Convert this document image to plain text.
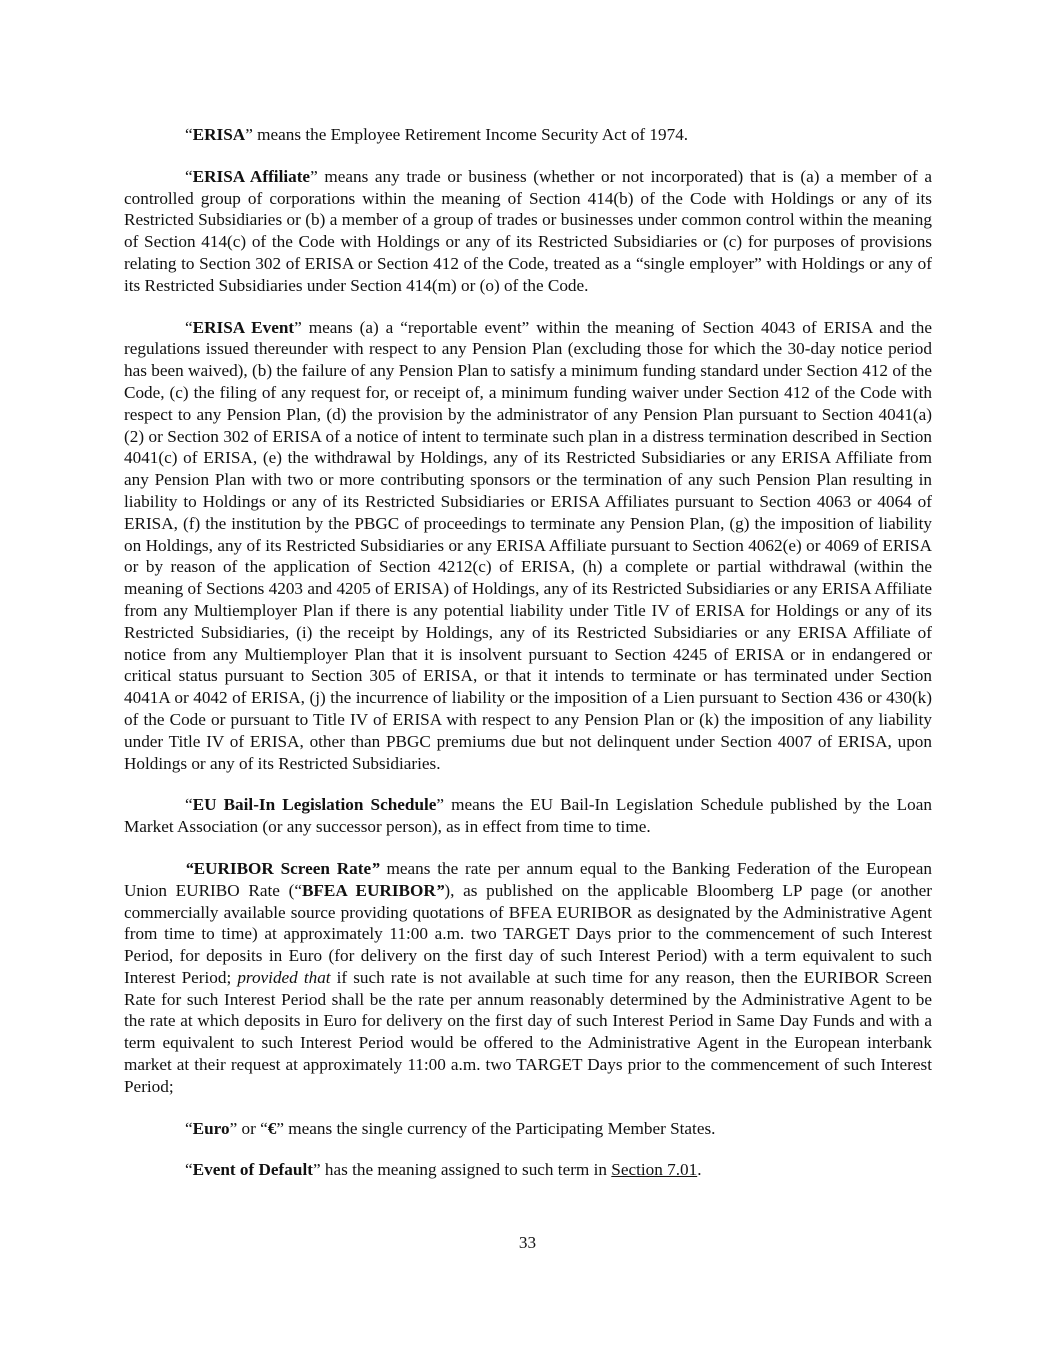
“ERISA” means the Employee Retirement Income Security Act of 1974.

“ERISA Affiliate” means any trade or business (whether or not incorporated) that is (a) a member of a controlled group of corporations within the meaning of Section 414(b) of the Code with Holdings or any of its Restricted Subsidiaries or (b) a member of a group of trades or businesses under common control within the meaning of Section 414(c) of the Code with Holdings or any of its Restricted Subsidiaries or (c) for purposes of provisions relating to Section 302 of ERISA or Section 412 of the Code, treated as a “single employer” with Holdings or any of its Restricted Subsidiaries under Section 414(m) or (o) of the Code.

“ERISA Event” means (a) a “reportable event” within the meaning of Section 4043 of ERISA and the regulations issued thereunder with respect to any Pension Plan (excluding those for which the 30-day notice period has been waived), (b) the failure of any Pension Plan to satisfy a minimum funding standard under Section 412 of the Code, (c) the filing of any request for, or receipt of, a minimum funding waiver under Section 412 of the Code with respect to any Pension Plan, (d) the provision by the administrator of any Pension Plan pursuant to Section 4041(a)(2) or Section 302 of ERISA of a notice of intent to terminate such plan in a distress termination described in Section 4041(c) of ERISA, (e) the withdrawal by Holdings, any of its Restricted Subsidiaries or any ERISA Affiliate from any Pension Plan with two or more contributing sponsors or the termination of any such Pension Plan resulting in liability to Holdings or any of its Restricted Subsidiaries or ERISA Affiliates pursuant to Section 4063 or 4064 of ERISA, (f) the institution by the PBGC of proceedings to terminate any Pension Plan, (g) the imposition of liability on Holdings, any of its Restricted Subsidiaries or any ERISA Affiliate pursuant to Section 4062(e) or 4069 of ERISA or by reason of the application of Section 4212(c) of ERISA, (h) a complete or partial withdrawal (within the meaning of Sections 4203 and 4205 of ERISA) of Holdings, any of its Restricted Subsidiaries or any ERISA Affiliate from any Multiemployer Plan if there is any potential liability under Title IV of ERISA for Holdings or any of its Restricted Subsidiaries, (i) the receipt by Holdings, any of its Restricted Subsidiaries or any ERISA Affiliate of notice from any Multiemployer Plan that it is insolvent pursuant to Section 4245 of ERISA or in endangered or critical status pursuant to Section 305 of ERISA, or that it intends to terminate or has terminated under Section 4041A or 4042 of ERISA, (j) the incurrence of liability or the imposition of a Lien pursuant to Section 436 or 430(k) of the Code or pursuant to Title IV of ERISA with respect to any Pension Plan or (k) the imposition of any liability under Title IV of ERISA, other than PBGC premiums due but not delinquent under Section 4007 of ERISA, upon Holdings or any of its Restricted Subsidiaries.

“EU Bail-In Legislation Schedule” means the EU Bail-In Legislation Schedule published by the Loan Market Association (or any successor person), as in effect from time to time.

“EURIBOR Screen Rate” means the rate per annum equal to the Banking Federation of the European Union EURIBO Rate (“BFEA EURIBOR”), as published on the applicable Bloomberg LP page (or another commercially available source providing quotations of BFEA EURIBOR as designated by the Administrative Agent from time to time) at approximately 11:00 a.m. two TARGET Days prior to the commencement of such Interest Period, for deposits in Euro (for delivery on the first day of such Interest Period) with a term equivalent to such Interest Period; provided that if such rate is not available at such time for any reason, then the EURIBOR Screen Rate for such Interest Period shall be the rate per annum reasonably determined by the Administrative Agent to be the rate at which deposits in Euro for delivery on the first day of such Interest Period in Same Day Funds and with a term equivalent to such Interest Period would be offered to the Administrative Agent in the European interbank market at their request at approximately 11:00 a.m. two TARGET Days prior to the commencement of such Interest Period;

“Euro” or “€” means the single currency of the Participating Member States.

“Event of Default” has the meaning assigned to such term in Section 7.01.

33
